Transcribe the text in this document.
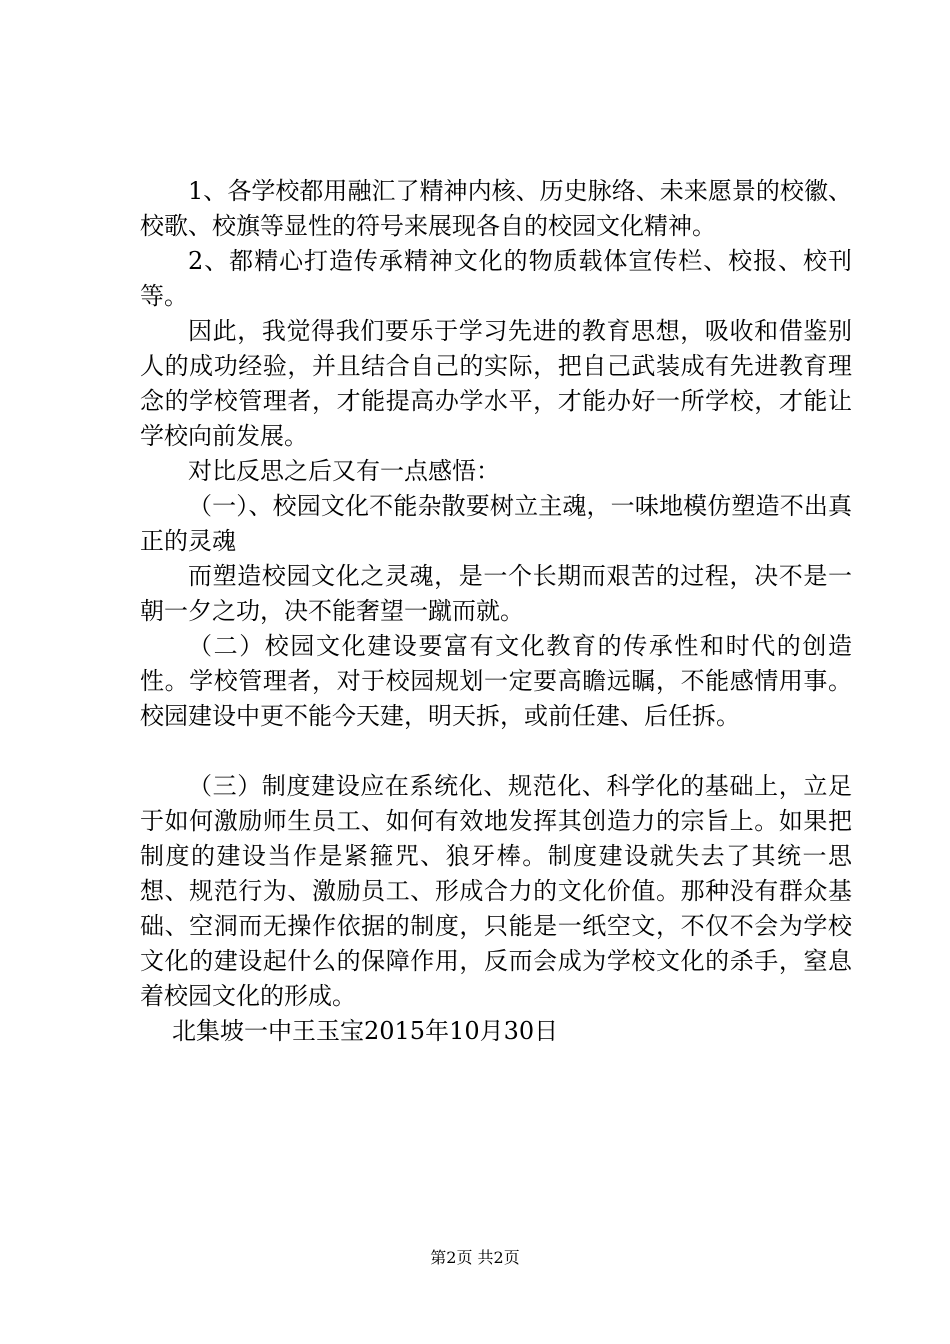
1、各学校都用融汇了精神内核、历史脉络、未来愿景的校徽、校歌、校旗等显性的符号来展现各自的校园文化精神。

2、都精心打造传承精神文化的物质载体宣传栏、校报、校刊等。

因此，我觉得我们要乐于学习先进的教育思想，吸收和借鉴别人的成功经验，并且结合自己的实际，把自己武装成有先进教育理念的学校管理者，才能提高办学水平，才能办好一所学校，才能让学校向前发展。

对比反思之后又有一点感悟：

（一）、校园文化不能杂散要树立主魂，一味地模仿塑造不出真正的灵魂

而塑造校园文化之灵魂，是一个长期而艰苦的过程，决不是一朝一夕之功，决不能奢望一蹴而就。

（二）校园文化建设要富有文化教育的传承性和时代的创造性。学校管理者，对于校园规划一定要高瞻远瞩，不能感情用事。校园建设中更不能今天建，明天拆，或前任建、后任拆。

（三）制度建设应在系统化、规范化、科学化的基础上，立足于如何激励师生员工、如何有效地发挥其创造力的宗旨上。如果把制度的建设当作是紧箍咒、狼牙棒。制度建设就失去了其统一思想、规范行为、激励员工、形成合力的文化价值。那种没有群众基础、空洞而无操作依据的制度，只能是一纸空文，不仅不会为学校文化的建设起什么的保障作用，反而会成为学校文化的杀手，窒息着校园文化的形成。

北集坡一中王玉宝2015年10月30日

第2页 共2页
